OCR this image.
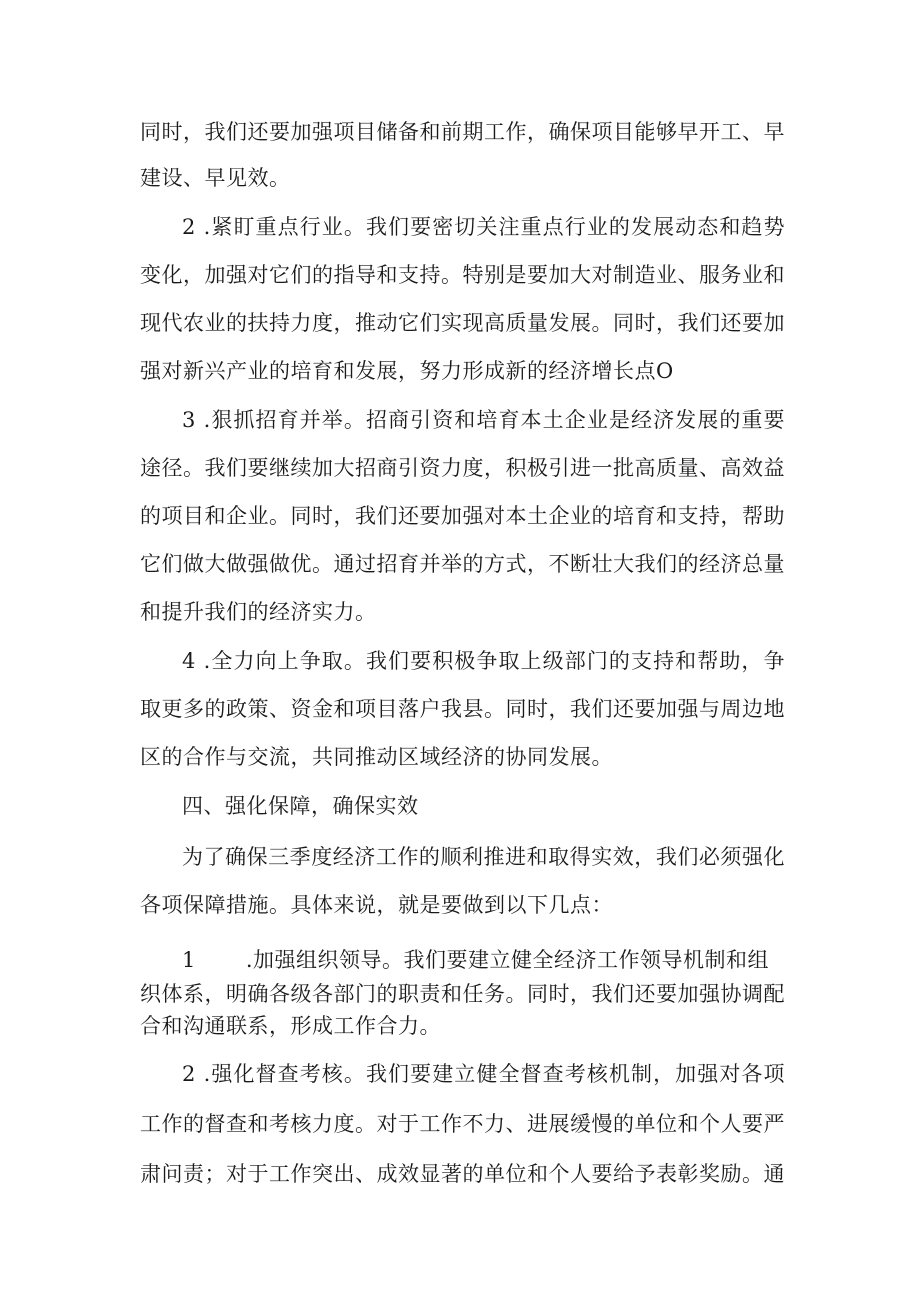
同时，我们还要加强项目储备和前期工作，确保项目能够早开工、早
建设、早见效。
2 .紧盯重点行业。我们要密切关注重点行业的发展动态和趋势
变化，加强对它们的指导和支持。特别是要加大对制造业、服务业和
现代农业的扶持力度，推动它们实现高质量发展。同时，我们还要加
强对新兴产业的培育和发展，努力形成新的经济增长点O
3 .狠抓招育并举。招商引资和培育本土企业是经济发展的重要
途径。我们要继续加大招商引资力度，积极引进一批高质量、高效益
的项目和企业。同时，我们还要加强对本土企业的培育和支持，帮助
它们做大做强做优。通过招育并举的方式，不断壮大我们的经济总量
和提升我们的经济实力。
4 .全力向上争取。我们要积极争取上级部门的支持和帮助，争
取更多的政策、资金和项目落户我县。同时，我们还要加强与周边地
区的合作与交流，共同推动区域经济的协同发展。
四、强化保障，确保实效
为了确保三季度经济工作的顺利推进和取得实效，我们必须强化
各项保障措施。具体来说，就是要做到以下几点：
1 .加强组织领导。我们要建立健全经济工作领导机制和组
织体系，明确各级各部门的职责和任务。同时，我们还要加强协调配
合和沟通联系，形成工作合力。
2 .强化督查考核。我们要建立健全督查考核机制，加强对各项
工作的督查和考核力度。对于工作不力、进展缓慢的单位和个人要严
肃问责；对于工作突出、成效显著的单位和个人要给予表彰奖励。通
